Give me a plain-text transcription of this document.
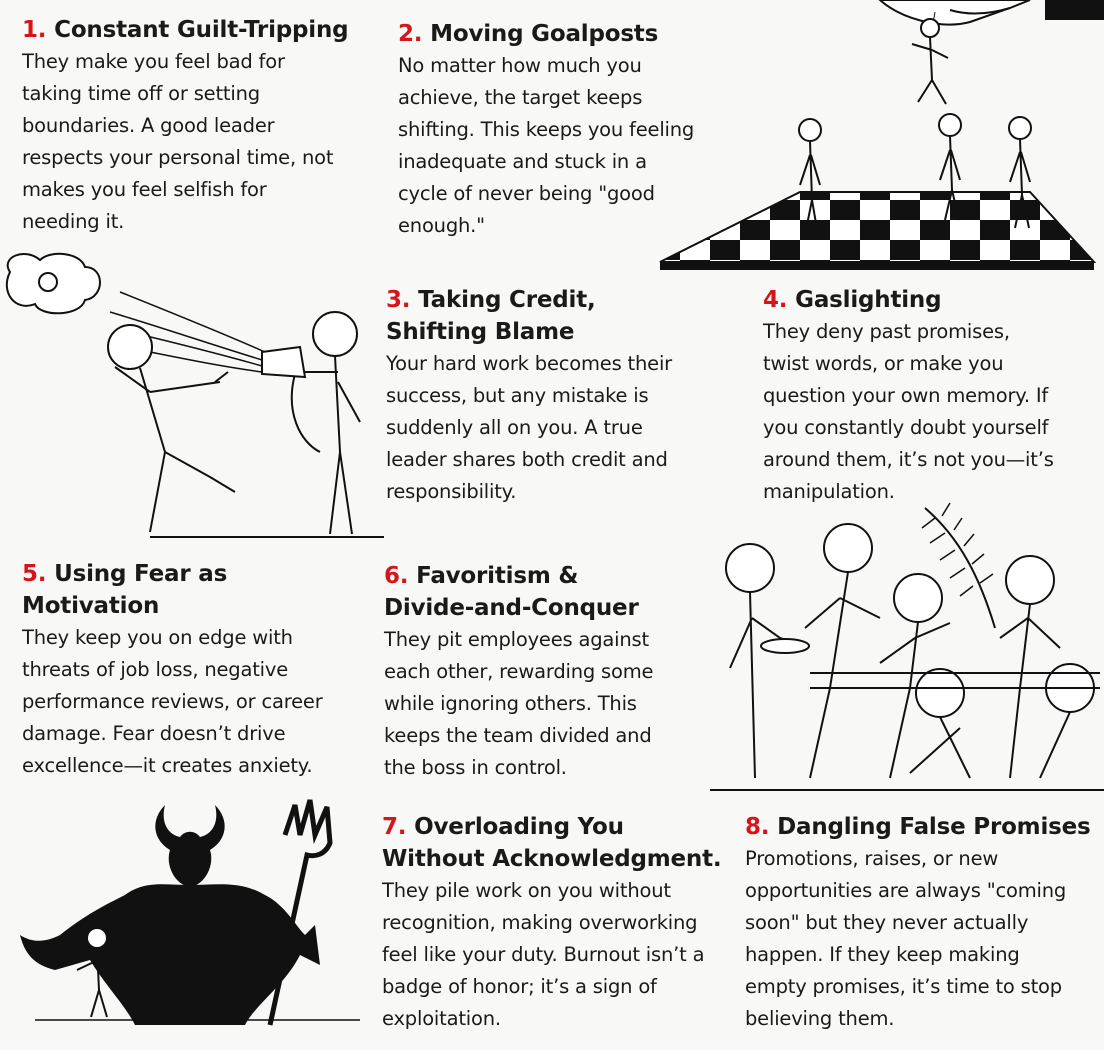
1. Constant Guilt-Tripping

They make you feel bad for
taking time off or setting
boundaries. A good leader
respects your personal time, not
makes you feel selfish for
needing it.

2. Moving Goalposts

No matter how much you
achieve, the target keeps
shifting. This keeps you feeling
inadequate and stuck in a
cycle of never being "good
enough."

3. Taking Credit,
Shifting Blame

Your hard work becomes their
success, but any mistake is
suddenly all on you. A true
leader shares both credit and
responsibility.

4. Gaslighting

They deny past promises,
twist words, or make you
question your own memory. If
you constantly doubt yourself
around them, it’s not you—it’s
manipulation.

5. Using Fear as
Motivation

They keep you on edge with
threats of job loss, negative
performance reviews, or career
damage. Fear doesn’t drive
excellence—it creates anxiety.

6. Favoritism &
Divide-and-Conquer

They pit employees against
each other, rewarding some
while ignoring others. This
keeps the team divided and
the boss in control.

7. Overloading You
Without Acknowledgment.

They pile work on you without
recognition, making overworking
feel like your duty. Burnout isn’t a
badge of honor; it’s a sign of
exploitation.

8. Dangling False Promises

Promotions, raises, or new
opportunities are always "coming
soon" but they never actually
happen. If they keep making
empty promises, it’s time to stop
believing them.
